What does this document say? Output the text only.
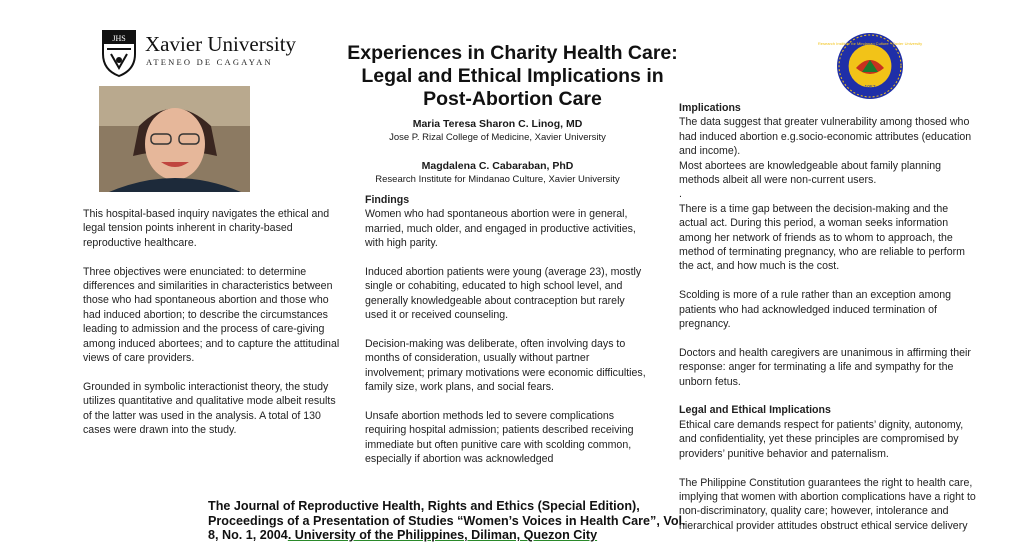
JHS Xavier University
ATENEO DE CAGAYAN	Experiences in Charity Health Care:
Legal and Ethical Implications in
Post-Abortion Care
Maria Teresa Sharon C. Linog, MD
Jose P. Rizal College of Medicine, Xavier University
Magdalena C. Cabaraban, PhD
Research Institute for Mindanao Culture, Xavier University
1957
Research Institute for Mindanao Culture · Xavier University

This hospital-based inquiry navigates the ethical and legal tension points inherent in charity-based reproductive healthcare.

Three objectives were enunciated: to determine differences and similarities in characteristics between those who had spontaneous abortion and those who had induced abortion; to describe the circumstances leading to admission and the process of care-giving among induced abortees; and to capture the attitudinal views of care providers.

Grounded in symbolic interactionist theory, the study utilizes quantitative and qualitative mode albeit results of the latter was used in the analysis. A total of 130 cases were drawn into the study.

Findings

Women who had spontaneous abortion were in general, married, much older, and engaged in productive activities, with high parity.

Induced abortion patients were young (average 23), mostly single or cohabiting, educated to high school level, and generally knowledgeable about contraception but rarely used it or received counseling.

Decision-making was deliberate, often involving days to months of consideration, usually without partner involvement; primary motivations were economic difficulties, family size, work plans, and social fears.

Unsafe abortion methods led to severe complications requiring hospital admission; patients described receiving immediate but often punitive care with scolding common, especially if abortion was acknowledged

Implications
The data suggest that greater vulnerability among thosed who had induced abortion e.g.socio-economic attributes (education and income).
Most abortees are knowledgeable about family planning methods albeit all were non-current users.
.

There is a time gap between the decision-making and the actual act. During this period, a woman seeks information among her network of friends as to whom to approach, the method of terminating pregnancy, who are reliable to perform the act, and how much is the cost.

Scolding is more of a rule rather than an exception among patients who had acknowledged induced termination of pregnancy.

Doctors and health caregivers are unanimous in affirming their response: anger for terminating a life and sympathy for the unborn fetus.

Legal and Ethical Implications

Ethical care demands respect for patients’ dignity, autonomy, and confidentiality, yet these principles are compromised by providers’ punitive behavior and paternalism.

The Philippine Constitution guarantees the right to health care, implying that women with abortion complications have a right to non-discriminatory, quality care; however, intolerance and hierarchical provider attitudes obstruct ethical service delivery

The Journal of Reproductive Health, Rights and Ethics (Special Edition), Proceedings of a Presentation of Studies “Women’s Voices in Health Care”, Vol. 8, No. 1, 2004. University of the Philippines, Diliman, Quezon City
